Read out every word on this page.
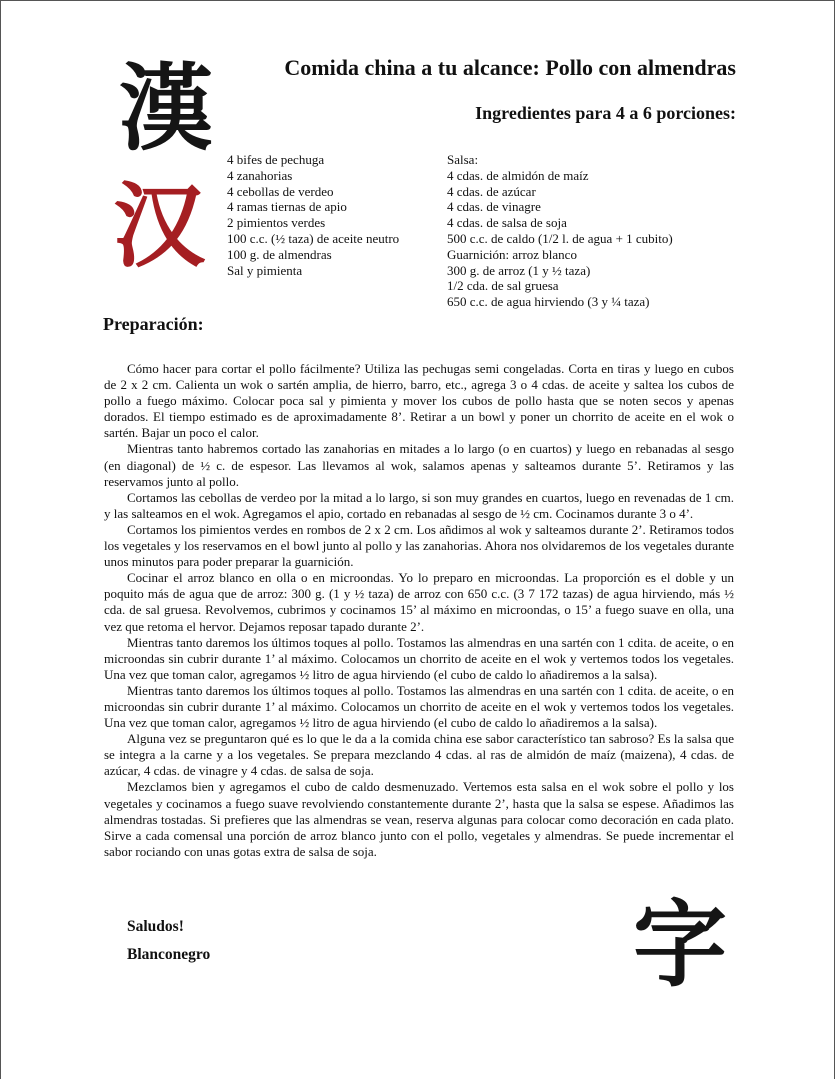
漢
汉
Comida china a tu alcance: Pollo con almendras
Ingredientes para 4 a 6 porciones:
4 bifes de pechuga
4 zanahorias
4 cebollas de verdeo
4 ramas tiernas de apio
2 pimientos verdes
100 c.c. (½ taza) de aceite neutro
100 g. de almendras
Sal y pimienta
Salsa:
4 cdas. de almidón de maíz
4 cdas. de azúcar
4 cdas. de vinagre
4 cdas. de salsa de soja
500 c.c. de caldo (1/2 l. de agua + 1 cubito)
Guarnición: arroz blanco
300 g. de arroz (1 y ½ taza)
1/2 cda. de sal gruesa
650 c.c. de agua hirviendo (3 y ¼ taza)
Preparación:

Cómo hacer para cortar el pollo fácilmente? Utiliza las pechugas semi congeladas. Corta en tiras y luego en cubos de 2 x 2 cm. Calienta un wok o sartén amplia, de hierro, barro, etc., agrega 3 o 4 cdas. de aceite y saltea los cubos de pollo a fuego máximo. Colocar poca sal y pimienta y mover los cubos de pollo hasta que se noten secos y apenas dorados. El tiempo estimado es de aproximadamente 8’. Retirar a un bowl y poner un chorrito de aceite en el wok o sartén. Bajar un poco el calor.

Mientras tanto habremos cortado las zanahorias en mitades a lo largo (o en cuartos) y luego en rebanadas al sesgo (en diagonal) de ½ c. de espesor. Las llevamos al wok, salamos apenas y salteamos durante 5’. Retiramos y las reservamos junto al pollo.

Cortamos las cebollas de verdeo por la mitad a lo largo, si son muy grandes en cuartos, luego en revenadas de 1 cm. y las salteamos en el wok. Agregamos el apio, cortado en rebanadas al sesgo de ½ cm. Cocinamos durante 3 o 4’.

Cortamos los pimientos verdes en rombos de 2 x 2 cm. Los añdimos al wok y salteamos durante 2’. Retiramos todos los vegetales y los reservamos en el bowl junto al pollo y las zanahorias. Ahora nos olvidaremos de los vegetales durante unos minutos para poder preparar la guarnición.

Cocinar el arroz blanco en olla o en microondas. Yo lo preparo en microondas. La proporción es el doble y un poquito más de agua que de arroz: 300 g. (1 y ½ taza) de arroz con 650 c.c. (3 7 172 tazas) de agua hirviendo, más ½ cda. de sal gruesa. Revolvemos, cubrimos y cocinamos 15’ al máximo en microondas, o 15’ a fuego suave en olla, una vez que retoma el hervor. Dejamos reposar tapado durante 2’.

Mientras tanto daremos los últimos toques al pollo. Tostamos las almendras en una sartén con 1 cdita. de aceite, o en microondas sin cubrir durante 1’ al máximo. Colocamos un chorrito de aceite en el wok y vertemos todos los vegetales. Una vez que toman calor, agregamos ½ litro de agua hirviendo (el cubo de caldo lo añadiremos a la salsa).

Mientras tanto daremos los últimos toques al pollo. Tostamos las almendras en una sartén con 1 cdita. de aceite, o en microondas sin cubrir durante 1’ al máximo. Colocamos un chorrito de aceite en el wok y vertemos todos los vegetales. Una vez que toman calor, agregamos ½ litro de agua hirviendo (el cubo de caldo lo añadiremos a la salsa).

Alguna vez se preguntaron qué es lo que le da a la comida china ese sabor característico tan sabroso? Es la salsa que se integra a la carne y a los vegetales. Se prepara mezclando 4 cdas. al ras de almidón de maíz (maizena), 4 cdas. de azúcar, 4 cdas. de vinagre y 4 cdas. de salsa de soja.

Mezclamos bien y agregamos el cubo de caldo desmenuzado. Vertemos esta salsa en el wok sobre el pollo y los vegetales y cocinamos a fuego suave revolviendo constantemente durante 2’, hasta que la salsa se espese. Añadimos las almendras tostadas. Si prefieres que las almendras se vean, reserva algunas para colocar como decoración en cada plato. Sirve a cada comensal una porción de arroz blanco junto con el pollo, vegetales y almendras. Se puede incrementar el sabor rociando con unas gotas extra de salsa de soja.

Saludos!
Blanconegro	字
